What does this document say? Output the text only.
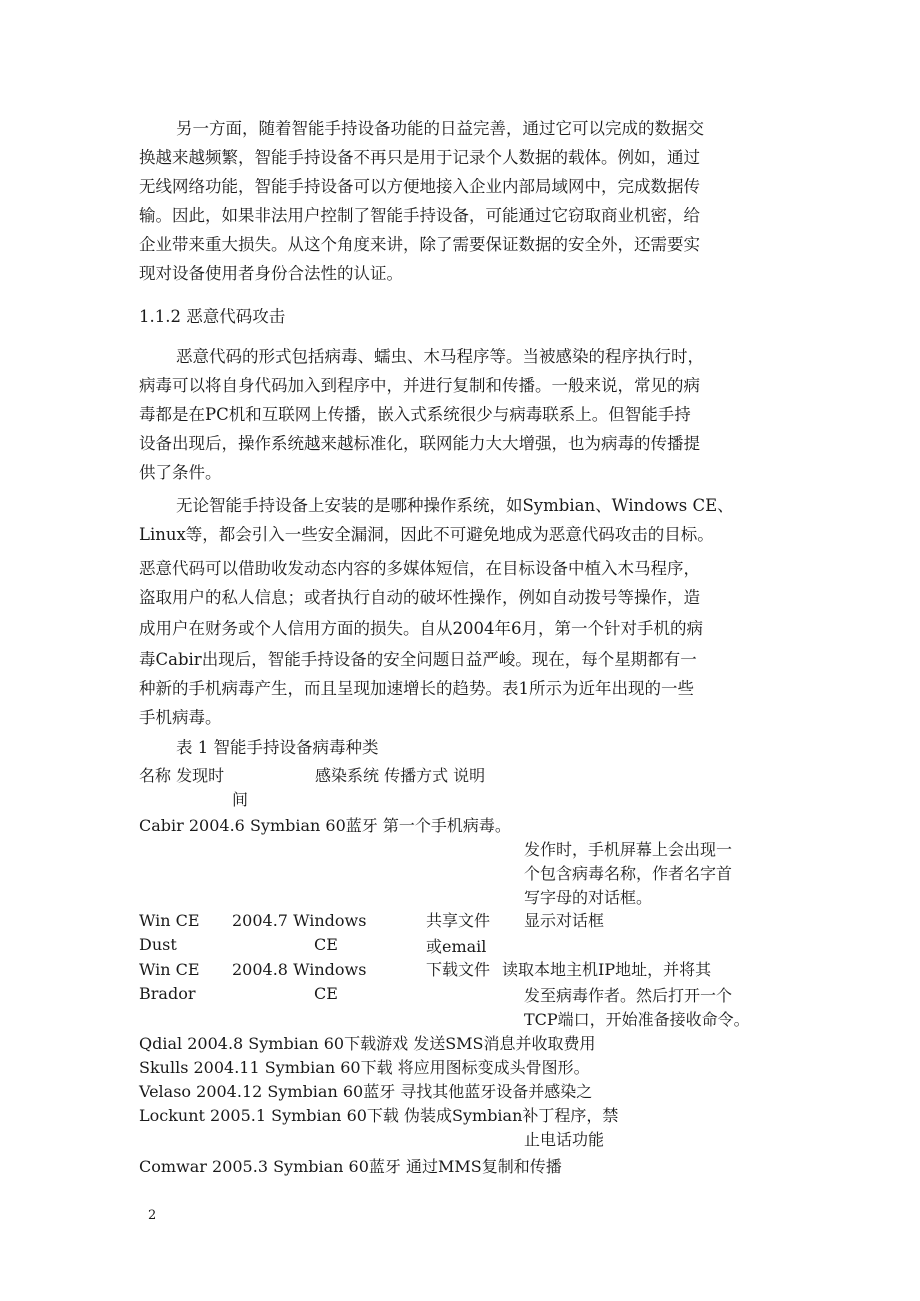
另一方面，随着智能手持设备功能的日益完善，通过它可以完成的数据交
换越来越频繁，智能手持设备不再只是用于记录个人数据的载体。例如，通过
无线网络功能，智能手持设备可以方便地接入企业内部局域网中，完成数据传
输。因此，如果非法用户控制了智能手持设备，可能通过它窃取商业机密，给
企业带来重大损失。从这个角度来讲，除了需要保证数据的安全外，还需要实
现对设备使用者身份合法性的认证。
1.1.2 恶意代码攻击
恶意代码的形式包括病毒、蠕虫、木马程序等。当被感染的程序执行时，
病毒可以将自身代码加入到程序中，并进行复制和传播。一般来说，常见的病
毒都是在PC机和互联网上传播，嵌入式系统很少与病毒联系上。但智能手持
设备出现后，操作系统越来越标准化，联网能力大大增强，也为病毒的传播提
供了条件。
无论智能手持设备上安装的是哪种操作系统，如Symbian、Windows CE、
Linux等，都会引入一些安全漏洞，因此不可避免地成为恶意代码攻击的目标。
恶意代码可以借助收发动态内容的多媒体短信，在目标设备中植入木马程序，
盗取用户的私人信息；或者执行自动的破坏性操作，例如自动拨号等操作，造
成用户在财务或个人信用方面的损失。自从2004年6月，第一个针对手机的病
毒Cabir出现后，智能手持设备的安全问题日益严峻。现在，每个星期都有一
种新的手机病毒产生，而且呈现加速增长的趋势。表1所示为近年出现的一些
手机病毒。
表 1 智能手持设备病毒种类
名称 发现时
间
感染系统 传播方式 说明
Cabir 2004.6 Symbian 60蓝牙 第一个手机病毒。
发作时，手机屏幕上会出现一
个包含病毒名称，作者名字首
写字母的对话框。
Win CE
Dust
2004.7 Windows
CE
共享文件
或email
显示对话框
Win CE
Brador
2004.8 Windows
CE
下载文件 读取本地主机IP地址，并将其
发至病毒作者。然后打开一个
TCP端口，开始准备接收命令。
Qdial 2004.8 Symbian 60下载游戏 发送SMS消息并收取费用
Skulls 2004.11 Symbian 60下载 将应用图标变成头骨图形。
Velaso 2004.12 Symbian 60蓝牙 寻找其他蓝牙设备并感染之
Lockunt 2005.1 Symbian 60下载 伪装成Symbian补丁程序，禁
止电话功能
Comwar 2005.3 Symbian 60蓝牙 通过MMS复制和传播
2
